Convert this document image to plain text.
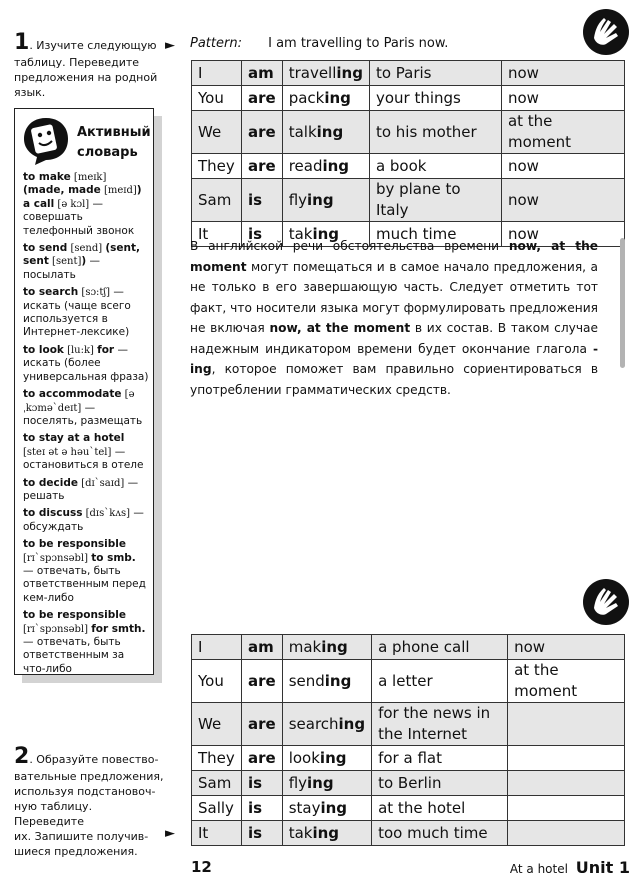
1. Изучите следующую

таблицу. Переведите
предложения на родной
язык.
Активный
словарь
to make [meɪk] (made, made [meɪd]) a call [ə kɔl] — совершать телефонный звонок
to send [send] (sent, sent [sent]) — посылать
to search [sɔ:tʃ] — искать (чаще всего используется в Интернет-лексике)
to look [lu:k] for — искать (более универсальная фраза)
to accommodate [əˌkɔmə`deɪt] — поселять, размещать
to stay at a hotel [steɪ ət ə həu`tel] — остановиться в отеле
to decide [dɪ`saɪd] — решать
to discuss [dɪs`kʌs] — обсуждать
to be responsible [rɪ`spɔnsəbl] to smb. — отвечать, быть ответственным перед кем-либо
to be responsible [rɪ`spɔnsəbl] for smth. — отвечать, быть ответственным за что-либо
► Pattern: I am travelling to Paris now.
I	am	travelling	to Paris	now
You	are	packing	your things	now
We	are	talking	to his mother	at the moment
They	are	reading	a book	now
Sam	is	flying	by plane to Italy	now
It	is	taking	much time	now
В английской речи обстоятельства времени now, at the moment могут помещаться и в самое начало предложения, а не только в его завершающую часть. Следует отметить тот факт, что носители языка могут формулировать предложения не включая now, at the moment в их состав. В таком случае надежным индикатором времени будет окончание глагола -ing, которое поможет вам правильно сориентироваться в употреблении грамматических средств.
I	am	making	a phone call	now
You	are	sending	a letter	at the moment
We	are	searching	for the news in the Internet	
They	are	looking	for a flat	
Sam	is	flying	to Berlin	
Sally	is	staying	at the hotel	
It	is	taking	too much time	
2. Образуйте повество-

вательные предложения,
используя подстановоч-
ную таблицу. Переведите
их. Запишите получив-
шиеся предложения.
►
12	At a hotel Unit 1
